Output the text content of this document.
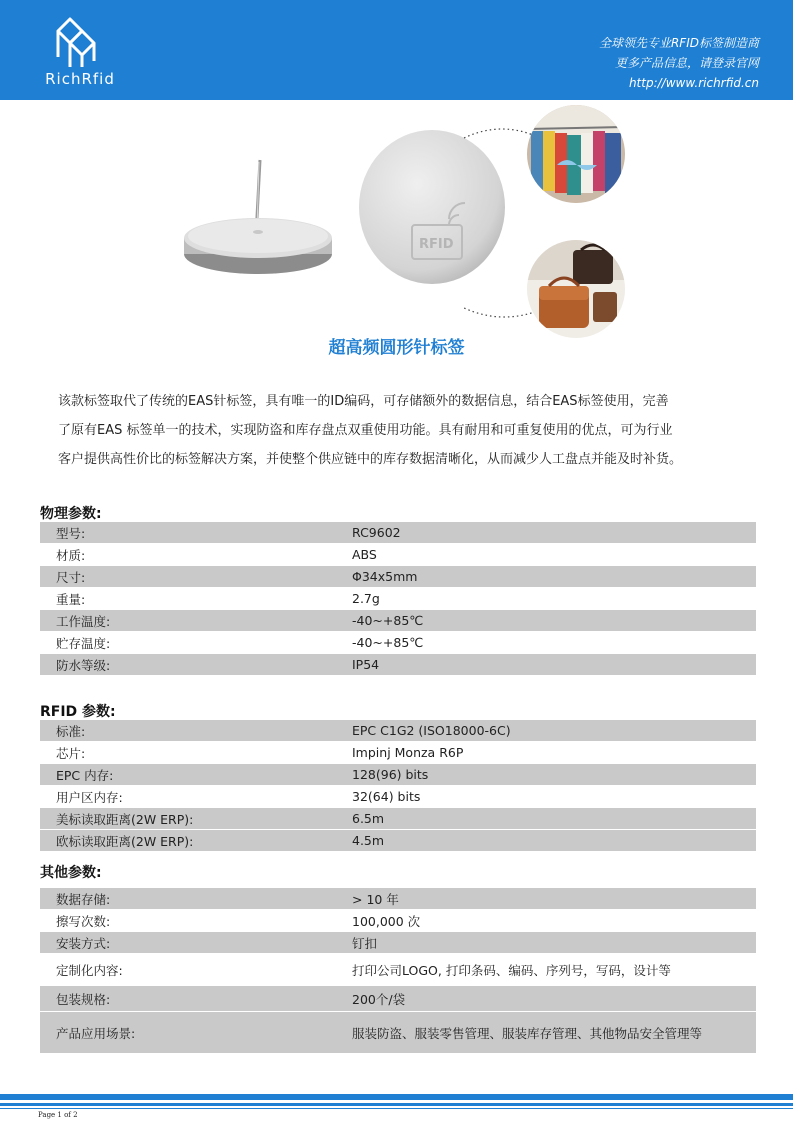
RichRfid
全球领先专业RFID标签制造商
更多产品信息，请登录官网
http://www.richrfid.cn
RFID
超高频圆形针标签

该款标签取代了传统的EAS针标签，具有唯一的ID编码，可存储额外的数据信息，结合EAS标签使用，完善

了原有EAS 标签单一的技术，实现防盗和库存盘点双重使用功能。具有耐用和可重复使用的优点，可为行业

客户提供高性价比的标签解决方案，并使整个供应链中的库存数据清晰化，从而减少人工盘点并能及时补货。

物理参数:
型号:	RC9602
材质:	ABS
尺寸:	Φ34x5mm
重量:	2.7g
工作温度:	-40~+85℃
贮存温度:	-40~+85℃
防水等级:	IP54
RFID 参数:
标准:	EPC C1G2 (ISO18000-6C)
芯片:	Impinj Monza R6P
EPC 内存:	128(96) bits
用户区内存:	32(64) bits
美标读取距离(2W ERP):	6.5m
欧标读取距离(2W ERP):	4.5m
其他参数:
数据存储:	> 10 年
擦写次数:	100,000 次
安装方式:	钉扣
定制化内容:	打印公司LOGO, 打印条码、编码、序列号，写码，设计等
包装规格:	200个/袋
产品应用场景:	服装防盗、服装零售管理、服装库存管理、其他物品安全管理等
Page 1 of 2
